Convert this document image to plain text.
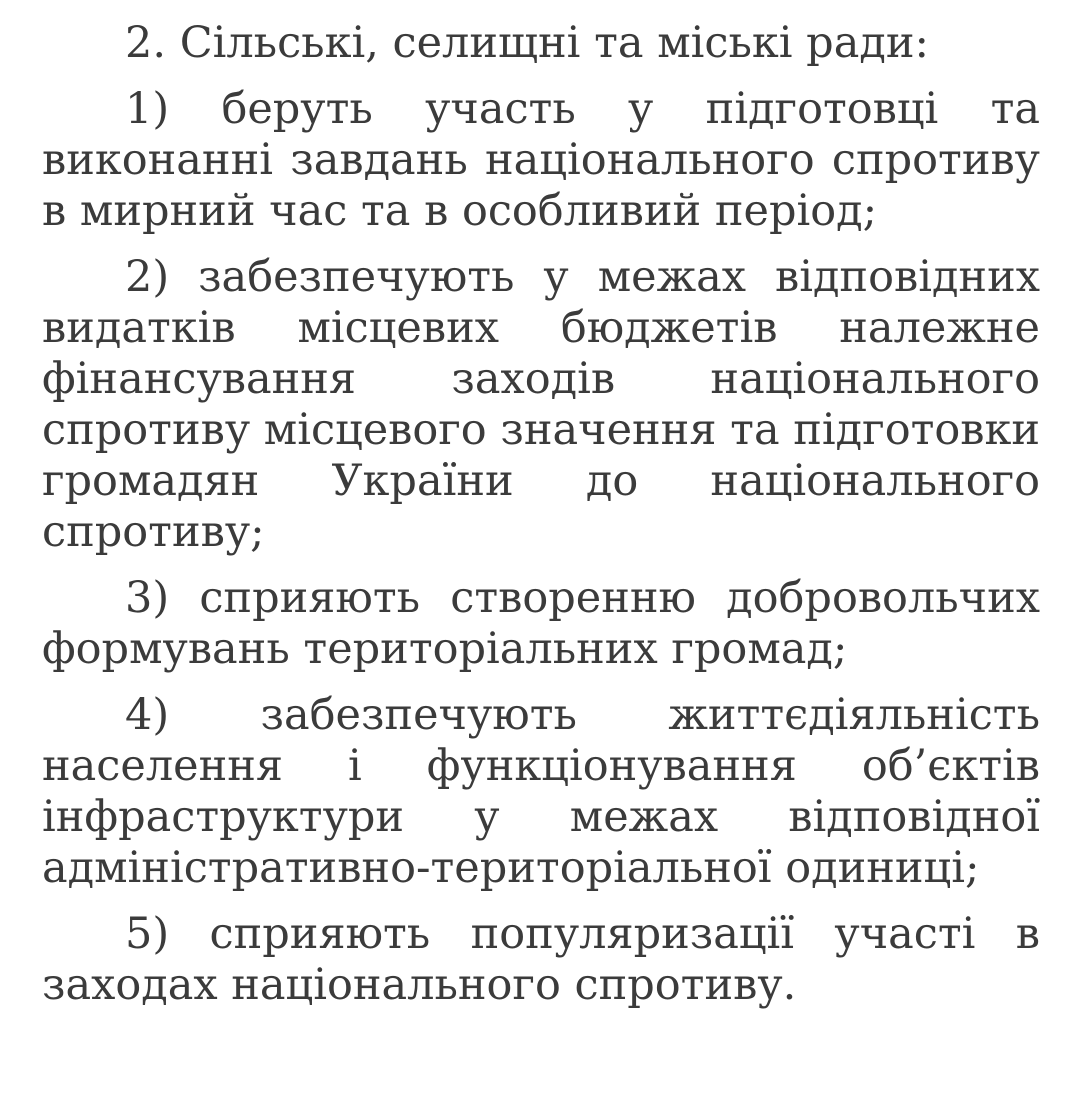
2. Сільські, селищні та міські ради:

1) беруть участь у підготовці та виконанні завдань національного спротиву в мирний час та в особливий період;

2) забезпечують у межах відповідних видатків місцевих бюджетів належне фінансування заходів національного спротиву місцевого значення та підготовки громадян України до національного спротиву;

3) сприяють створенню добровольчих формувань територіальних громад;

4) забезпечують життєдіяльність населення і функціонування об’єктів інфраструктури у межах відповідної адміністративно-територіальної одиниці;

5) сприяють популяризації участі в заходах національного спротиву.
